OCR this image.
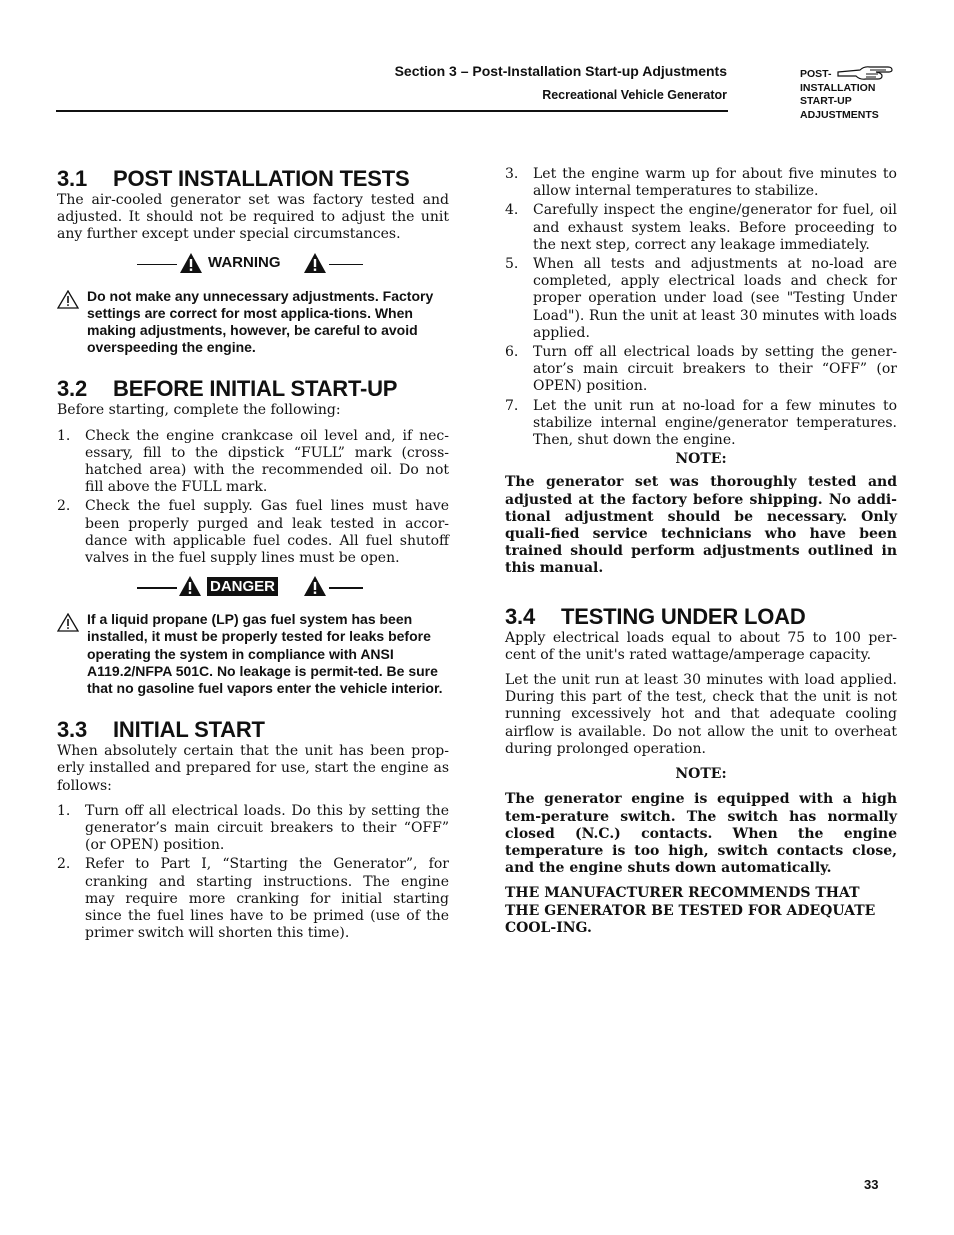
Section 3 – Post-Installation Start-up Adjustments
Recreational Vehicle Generator
POST-
INSTALLATION
START-UP
ADJUSTMENTS
3.1 POST INSTALLATION TESTS

The air-cooled generator set was factory tested and adjusted. It should not be required to adjust the unit any further except under special circumstances.

WARNING
Do not make any unnecessary adjustments. Factory settings are correct for most applica-tions. When making adjustments, however, be careful to avoid overspeeding the engine.
3.2 BEFORE INITIAL START-UP

Before starting, complete the following:

1. Check the engine crankcase oil level and, if nec-essary, fill to the dipstick “FULL” mark (cross-hatched area) with the recommended oil. Do not fill above the FULL mark.
2. Check the fuel supply. Gas fuel lines must have been properly purged and leak tested in accor-dance with applicable fuel codes. All fuel shutoff valves in the fuel supply lines must be open.
DANGER
If a liquid propane (LP) gas fuel system has been installed, it must be properly tested for leaks before operating the system in compliance with ANSI A119.2/NFPA 501C. No leakage is permit-ted. Be sure that no gasoline fuel vapors enter the vehicle interior.
3.3 INITIAL START

When absolutely certain that the unit has been prop-erly installed and prepared for use, start the engine as follows:

1. Turn off all electrical loads. Do this by setting the generator’s main circuit breakers to their “OFF” (or OPEN) position.
2. Refer to Part I, “Starting the Generator”, for cranking and starting instructions. The engine may require more cranking for initial starting since the fuel lines have to be primed (use of the primer switch will shorten this time).
3. Let the engine warm up for about five minutes to allow internal temperatures to stabilize.
4. Carefully inspect the engine/generator for fuel, oil and exhaust system leaks. Before proceeding to the next step, correct any leakage immediately.
5. When all tests and adjustments at no-load are completed, apply electrical loads and check for proper operation under load (see "Testing Under Load"). Run the unit at least 30 minutes with loads applied.
6. Turn off all electrical loads by setting the gener-ator’s main circuit breakers to their “OFF” (or OPEN) position.
7. Let the unit run at no-load for a few minutes to stabilize internal engine/generator temperatures. Then, shut down the engine.
NOTE:

The generator set was thoroughly tested and adjusted at the factory before shipping. No addi-tional adjustment should be necessary. Only quali-fied service technicians who have been trained should perform adjustments outlined in this manual.

3.4 TESTING UNDER LOAD

Apply electrical loads equal to about 75 to 100 per-cent of the unit's rated wattage/amperage capacity.

Let the unit run at least 30 minutes with load applied. During this part of the test, check that the unit is not running excessively hot and that adequate cooling airflow is available. Do not allow the unit to overheat during prolonged operation.

NOTE:

The generator engine is equipped with a high tem-perature switch. The switch has normally closed (N.C.) contacts. When the engine temperature is too high, switch contacts close, and the engine shuts down automatically.

THE MANUFACTURER RECOMMENDS THAT THE GENERATOR BE TESTED FOR ADEQUATE COOL-ING.

33
